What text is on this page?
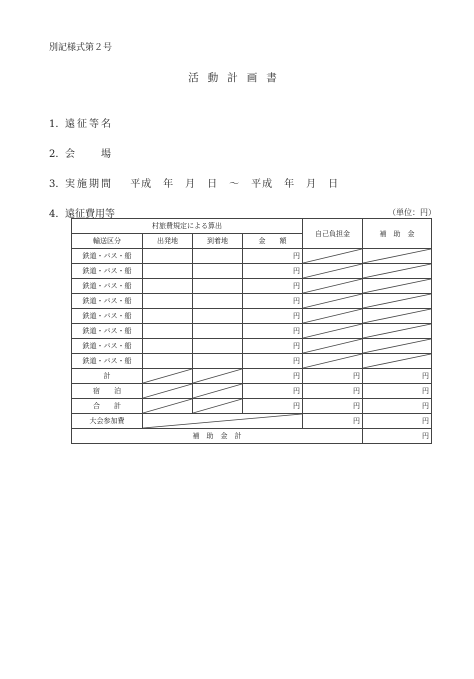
別記様式第２号
活動計画書
1．遠征等名
2．会　　場
3．実施期間 平成　年　月　日　～　平成　年　月　日
4．遠征費用等	（単位：円）
村旅費規定による算出				自己負担金	補　助　金
輸送区分	出発地	到着地	金　　額		
鉄道・バス・船			円	

鉄道・バス・船			円	

鉄道・バス・船			円	

鉄道・バス・船			円	

鉄道・バス・船			円	

鉄道・バス・船			円	

鉄道・バス・船			円	

鉄道・バス・船			円	

計			円	円	円
宿　　泊			円	円	円
合　　計			円	円	円
大会参加費				円	円
補　助　金　計					円
